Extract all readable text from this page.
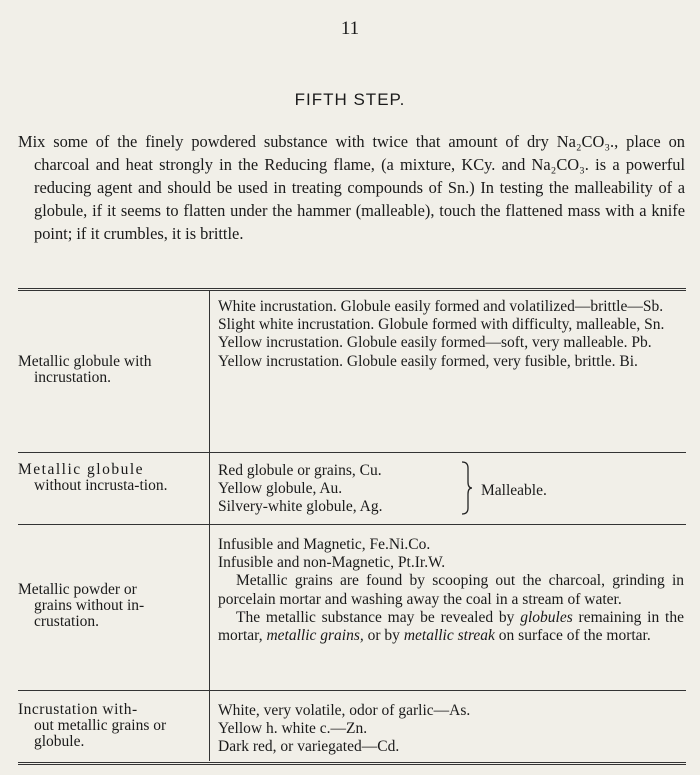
11
FIFTH STEP.
Mix some of the finely powdered substance with twice that amount of dry Na₂CO₃., place on charcoal and heat strongly in the Reducing flame, (a mixture, KCy. and Na₂CO₃. is a powerful reducing agent and should be used in treating compounds of Sn.) In testing the malleability of a globule, if it seems to flatten under the hammer (malleable), touch the flattened mass with a knife point; if it crumbles, it is brittle.
Metallic globule with
incrustation.
White incrustation. Globule easily formed and volatilized—brittle—Sb.
Slight white incrustation. Globule formed with difficulty, malleable, Sn.
Yellow incrustation. Globule easily formed—soft, very malleable. Pb.
Yellow incrustation. Globule easily formed, very fusible, brittle. Bi.
Metallic globule
without incrusta-tion.
Red globule or grains, Cu.
Yellow globule, Au.
Silvery-white globule, Ag.
Malleable.
Metallic powder or
grains without in-crustation.
Infusible and Magnetic, Fe.Ni.Co.
Infusible and non-Magnetic, Pt.Ir.W.
Metallic grains are found by scooping out the charcoal, grinding in porcelain mortar and washing away the coal in a stream of water.
The metallic substance may be revealed by globules remaining in the mortar, metallic grains, or by metallic streak on surface of the mortar.
Incrustation with-
out metallic grains or globule.
White, very volatile, odor of garlic—As.
Yellow h. white c.—Zn.
Dark red, or variegated—Cd.
